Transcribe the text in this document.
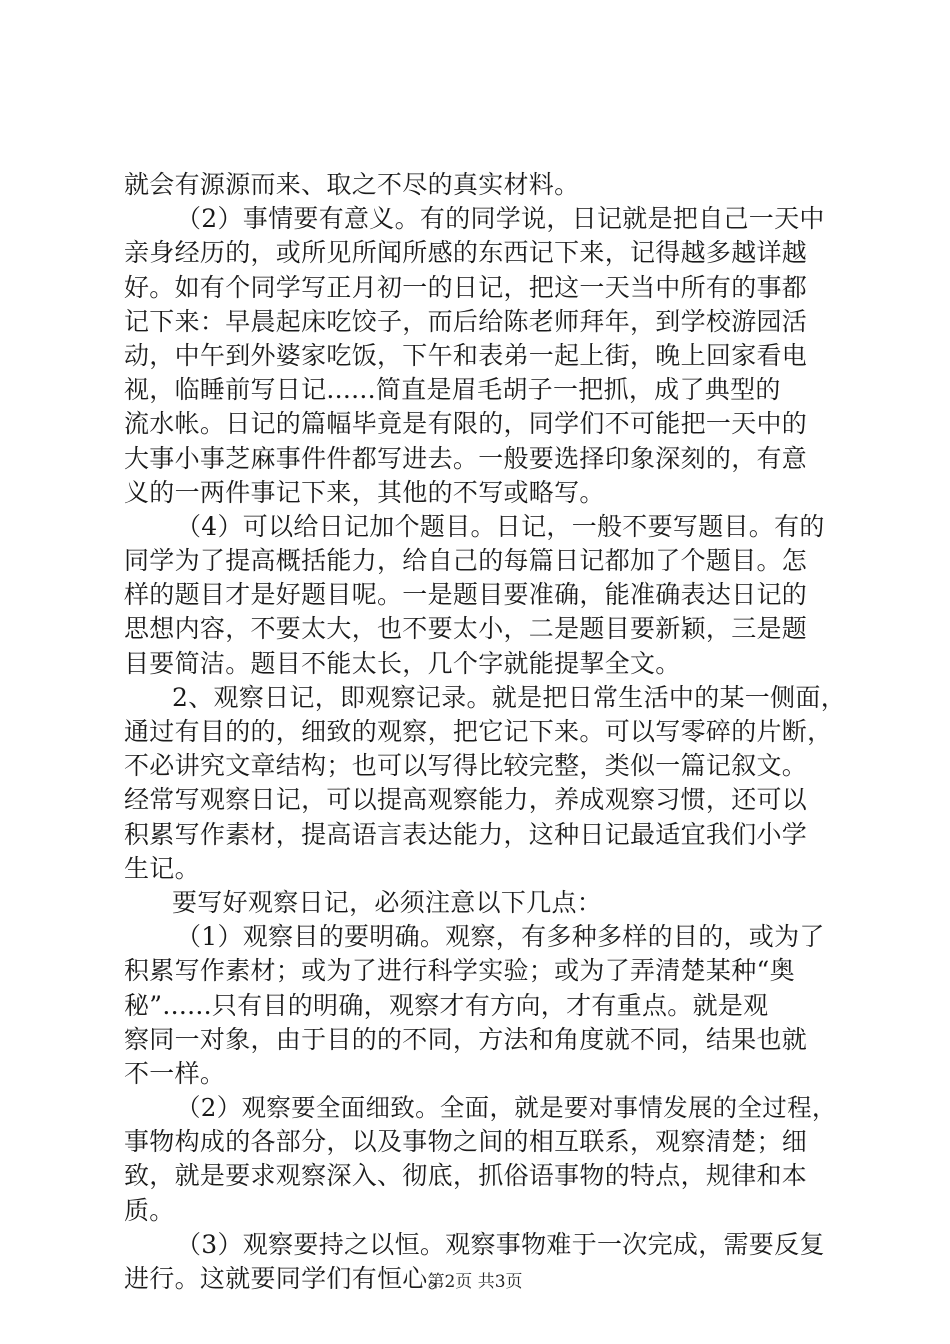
就会有源源而来、取之不尽的真实材料。
（2）事情要有意义。有的同学说，日记就是把自己一天中
亲身经历的，或所见所闻所感的东西记下来，记得越多越详越
好。如有个同学写正月初一的日记，把这一天当中所有的事都
记下来：早晨起床吃饺子，而后给陈老师拜年，到学校游园活
动，中午到外婆家吃饭，下午和表弟一起上街，晚上回家看电
视，临睡前写日记......简直是眉毛胡子一把抓，成了典型的
流水帐。日记的篇幅毕竟是有限的，同学们不可能把一天中的
大事小事芝麻事件件都写进去。一般要选择印象深刻的，有意
义的一两件事记下来，其他的不写或略写。
（4）可以给日记加个题目。日记，一般不要写题目。有的
同学为了提高概括能力，给自己的每篇日记都加了个题目。怎
样的题目才是好题目呢。一是题目要准确，能准确表达日记的
思想内容，不要太大，也不要太小，二是题目要新颖，三是题
目要简洁。题目不能太长，几个字就能提挈全文。
2、观察日记，即观察记录。就是把日常生活中的某一侧面，
通过有目的的，细致的观察，把它记下来。可以写零碎的片断，
不必讲究文章结构；也可以写得比较完整，类似一篇记叙文。
经常写观察日记，可以提高观察能力，养成观察习惯，还可以
积累写作素材，提高语言表达能力，这种日记最适宜我们小学
生记。
要写好观察日记，必须注意以下几点：
（1）观察目的要明确。观察，有多种多样的目的，或为了
积累写作素材；或为了进行科学实验；或为了弄清楚某种“奥
秘”......只有目的明确，观察才有方向，才有重点。就是观
察同一对象，由于目的的不同，方法和角度就不同，结果也就
不一样。
（2）观察要全面细致。全面，就是要对事情发展的全过程，
事物构成的各部分，以及事物之间的相互联系，观察清楚；细
致，就是要求观察深入、彻底，抓俗语事物的特点，规律和本
质。
（3）观察要持之以恒。观察事物难于一次完成，需要反复
进行。这就要同学们有恒心。
第2页 共3页
